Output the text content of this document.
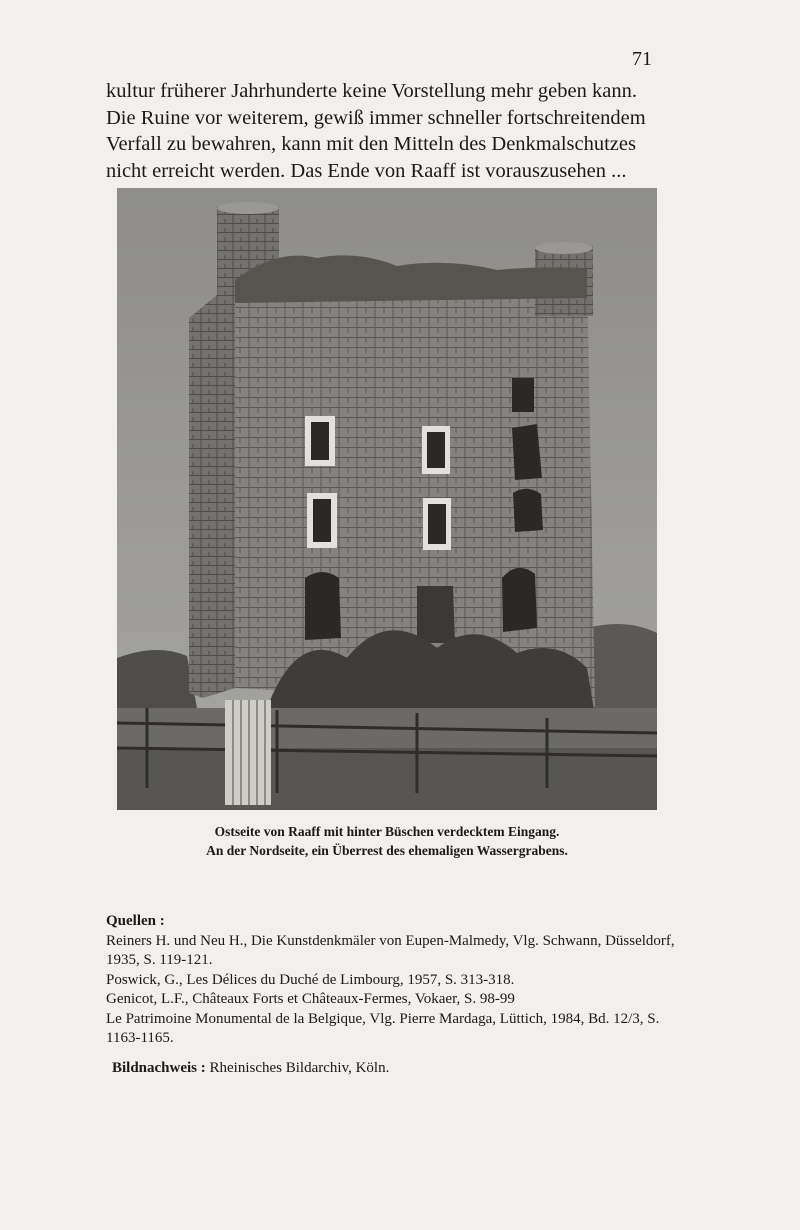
71
kultur früherer Jahrhunderte keine Vorstellung mehr geben kann.
Die Ruine vor weiterem, gewiß immer schneller fortschreitendem
Verfall zu bewahren, kann mit den Mitteln des Denkmalschutzes
nicht erreicht werden. Das Ende von Raaff ist vorauszusehen ...
Ostseite von Raaff mit hinter Büschen verdecktem Eingang.
An der Nordseite, ein Überrest des ehemaligen Wassergrabens.
Quellen :
Reiners H. und Neu H., Die Kunstdenkmäler von Eupen-Malmedy, Vlg. Schwann, Düsseldorf, 1935, S. 119-121.
Poswick, G., Les Délices du Duché de Limbourg, 1957, S. 313-318.
Genicot, L.F., Châteaux Forts et Châteaux-Fermes, Vokaer, S. 98-99
Le Patrimoine Monumental de la Belgique, Vlg. Pierre Mardaga, Lüttich, 1984, Bd. 12/3, S. 1163-1165.
Bildnachweis : Rheinisches Bildarchiv, Köln.
